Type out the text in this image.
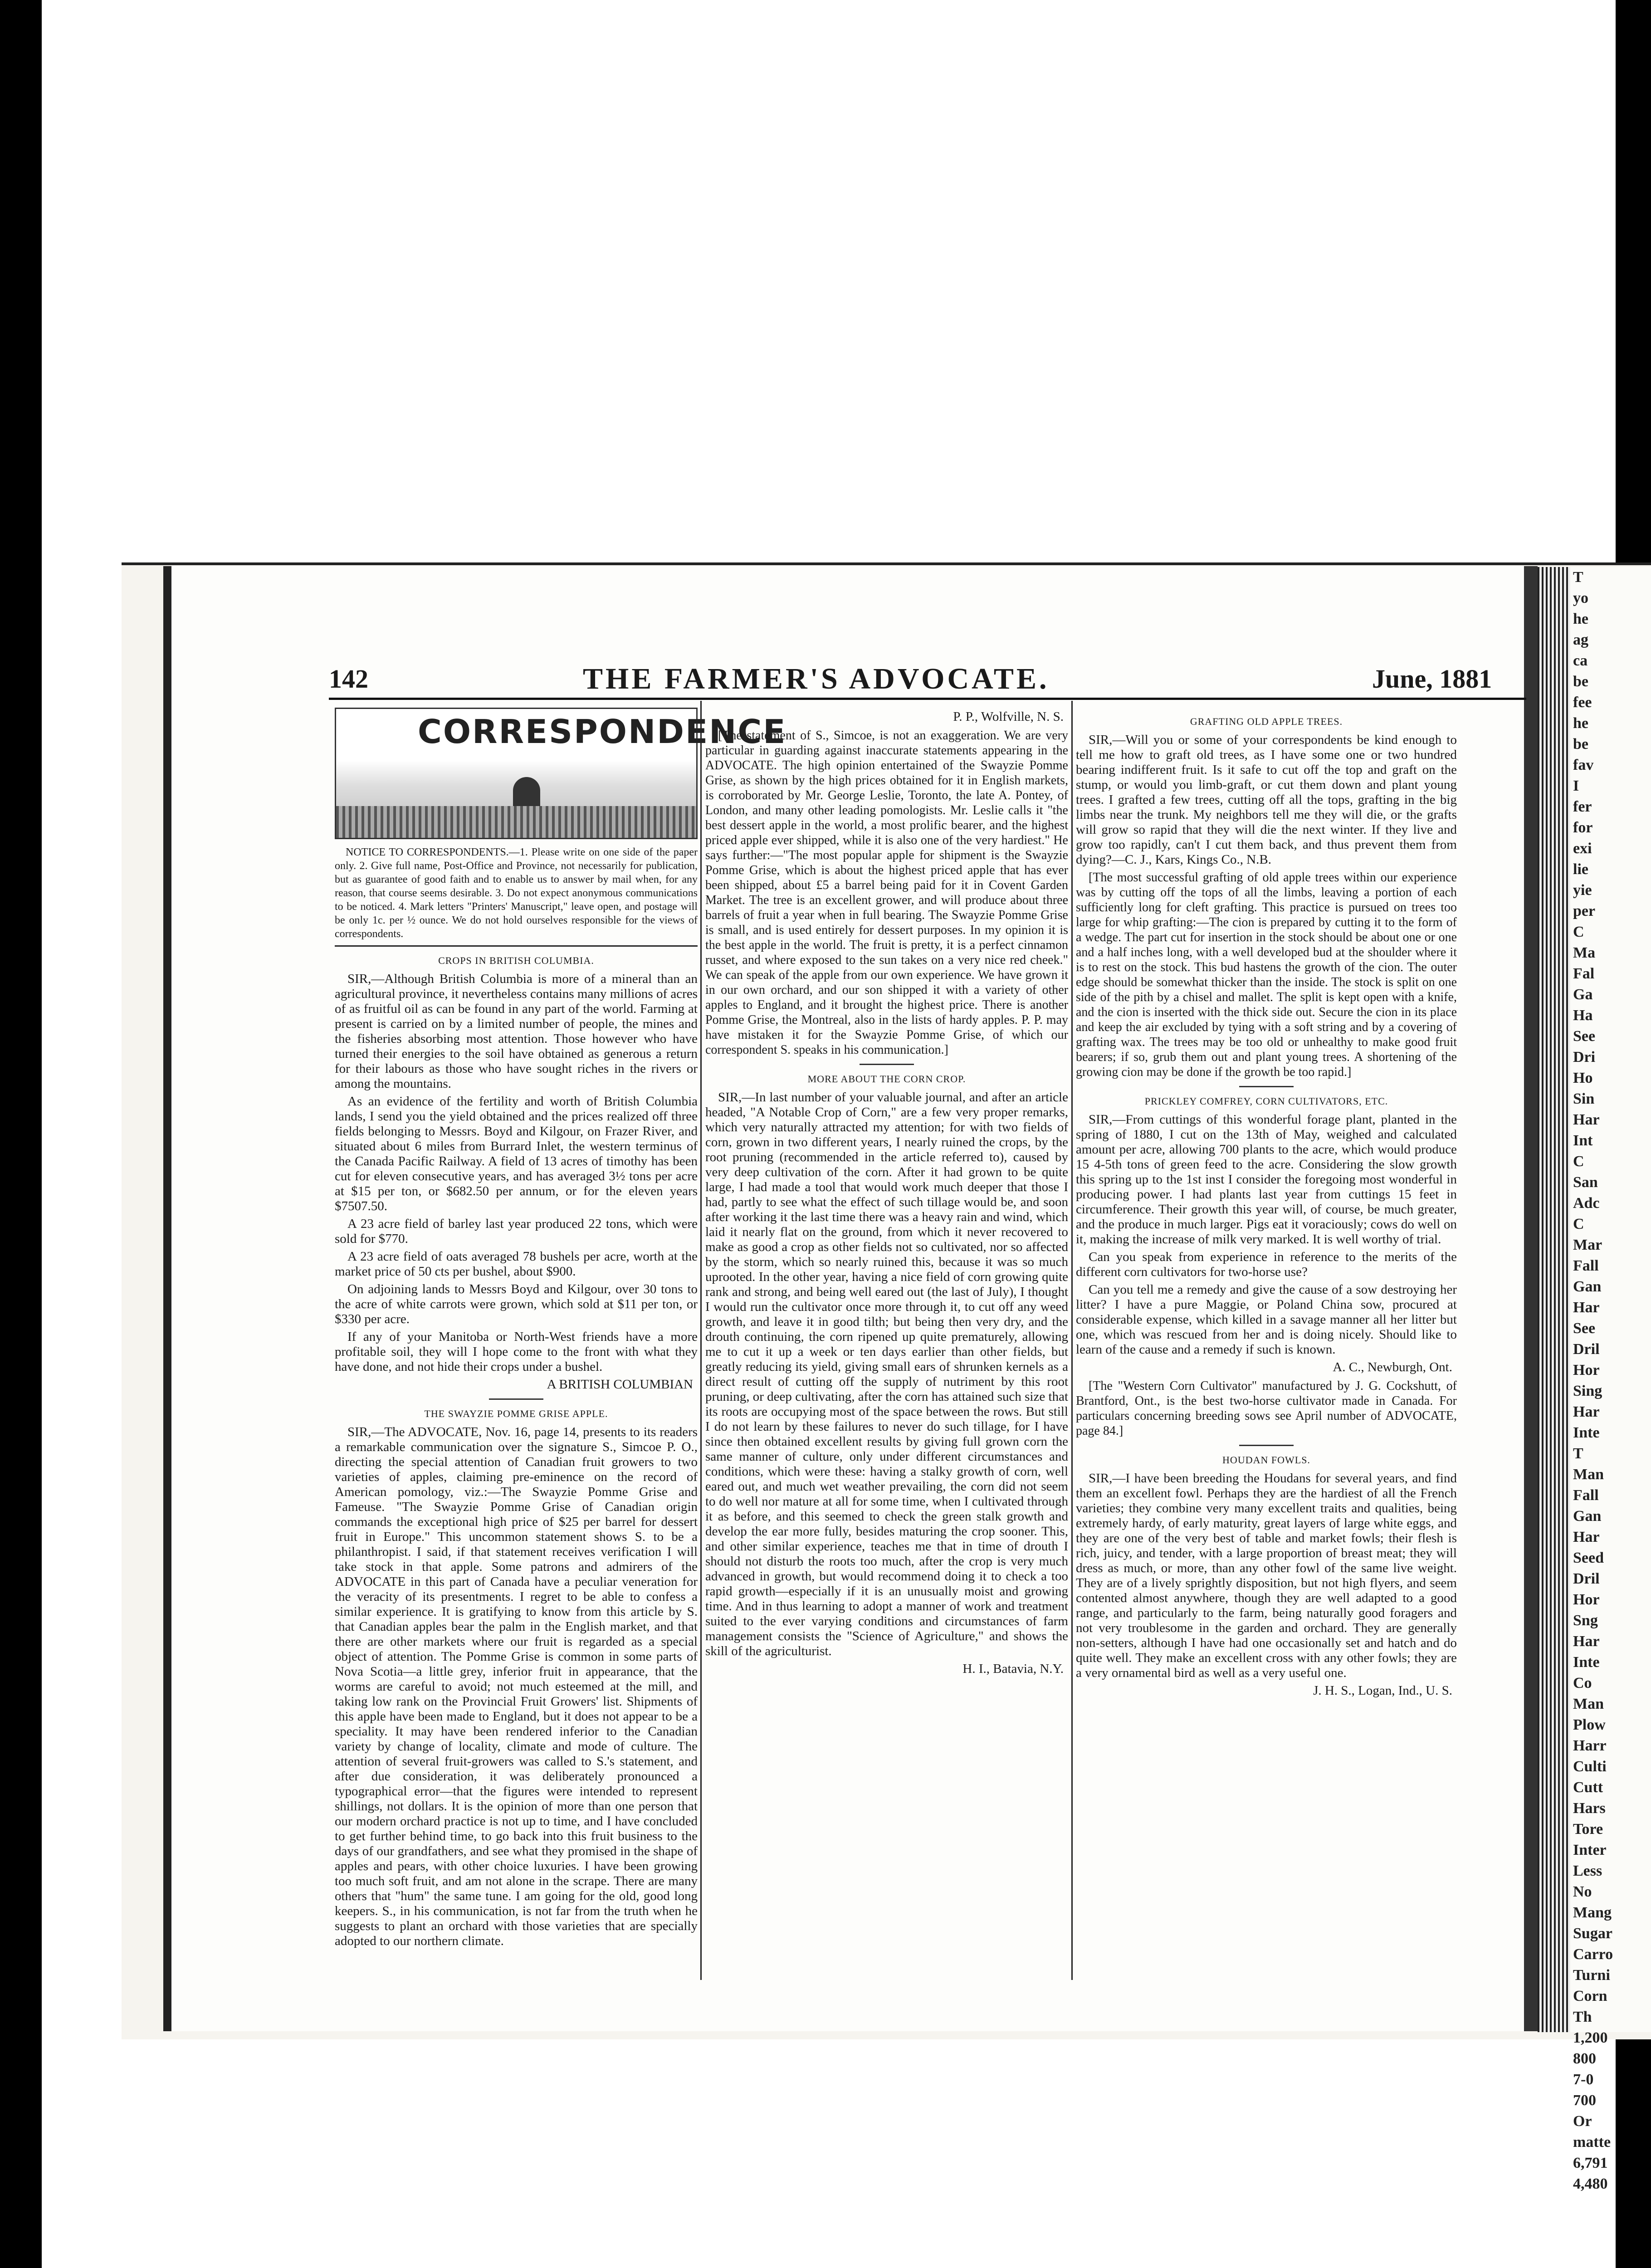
T
yo
he
ag
ca
be
fee
he
be
fav
I
fer
for
exi
lie
yie
per
C
Ma
Fal
Ga
Ha
See
Dri
Ho
Sin
Har
Int
C
San
Adc
C
Mar
Fall
Gan
Har
See
Dril
Hor
Sing
Har
Inte
T
Man
Fall
Gan
Har
Seed
Dril
Hor
Sng
Har
Inte
Co
Man
Plow
Harr
Culti
Cutt
Hars
Tore
Inter
Less
No
Mang
Sugar
Carro
Turni
Corn
Th
1,200
800
7-0
700
Or
matte
6,791
4,480
142	THE FARMER'S ADVOCATE.	June, 1881
CORRESPONDENCE
NOTICE TO CORRESPONDENTS.—1. Please write on one side of the paper only. 2. Give full name, Post-Office and Province, not necessarily for publication, but as guarantee of good faith and to enable us to answer by mail when, for any reason, that course seems desirable. 3. Do not expect anonymous communications to be noticed. 4. Mark letters "Printers' Manuscript," leave open, and postage will be only 1c. per ½ ounce. We do not hold ourselves responsible for the views of correspondents.
CROPS IN BRITISH COLUMBIA.

SIR,—Although British Columbia is more of a mineral than an agricultural province, it nevertheless contains many millions of acres of as fruitful oil as can be found in any part of the world. Farming at present is carried on by a limited number of people, the mines and the fisheries absorbing most attention. Those however who have turned their energies to the soil have obtained as generous a return for their labours as those who have sought riches in the rivers or among the mountains.

As an evidence of the fertility and worth of British Columbia lands, I send you the yield obtained and the prices realized off three fields belonging to Messrs. Boyd and Kilgour, on Frazer River, and situated about 6 miles from Burrard Inlet, the western terminus of the Canada Pacific Railway. A field of 13 acres of timothy has been cut for eleven consecutive years, and has averaged 3½ tons per acre at $15 per ton, or $682.50 per annum, or for the eleven years $7507.50.

A 23 acre field of barley last year produced 22 tons, which were sold for $770.

A 23 acre field of oats averaged 78 bushels per acre, worth at the market price of 50 cts per bushel, about $900.

On adjoining lands to Messrs Boyd and Kilgour, over 30 tons to the acre of white carrots were grown, which sold at $11 per ton, or $330 per acre.

If any of your Manitoba or North-West friends have a more profitable soil, they will I hope come to the front with what they have done, and not hide their crops under a bushel.

A BRITISH COLUMBIAN
THE SWAYZIE POMME GRISE APPLE.

SIR,—The ADVOCATE, Nov. 16, page 14, presents to its readers a remarkable communication over the signature S., Simcoe P. O., directing the special attention of Canadian fruit growers to two varieties of apples, claiming pre-eminence on the record of American pomology, viz.:—The Swayzie Pomme Grise and Fameuse. "The Swayzie Pomme Grise of Canadian origin commands the exceptional high price of $25 per barrel for dessert fruit in Europe." This uncommon statement shows S. to be a philanthropist. I said, if that statement receives verification I will take stock in that apple. Some patrons and admirers of the ADVOCATE in this part of Canada have a peculiar veneration for the veracity of its presentments. I regret to be able to confess a similar experience. It is gratifying to know from this article by S. that Canadian apples bear the palm in the English market, and that there are other markets where our fruit is regarded as a special object of attention. The Pomme Grise is common in some parts of Nova Scotia—a little grey, inferior fruit in appearance, that the worms are careful to avoid; not much esteemed at the mill, and taking low rank on the Provincial Fruit Growers' list. Shipments of this apple have been made to England, but it does not appear to be a speciality. It may have been rendered inferior to the Canadian variety by change of locality, climate and mode of culture. The attention of several fruit-growers was called to S.'s statement, and after due consideration, it was deliberately pronounced a typographical error—that the figures were intended to represent shillings, not dollars. It is the opinion of more than one person that our modern orchard practice is not up to time, and I have concluded to get further behind time, to go back into this fruit business to the days of our grandfathers, and see what they promised in the shape of apples and pears, with other choice luxuries. I have been growing too much soft fruit, and am not alone in the scrape. There are many others that "hum" the same tune. I am going for the old, good long keepers. S., in his communication, is not far from the truth when he suggests to plant an orchard with those varieties that are specially adopted to our northern climate.

P. P., Wolfville, N. S.

[The statement of S., Simcoe, is not an exaggeration. We are very particular in guarding against inaccurate statements appearing in the ADVOCATE. The high opinion entertained of the Swayzie Pomme Grise, as shown by the high prices obtained for it in English markets, is corroborated by Mr. George Leslie, Toronto, the late A. Pontey, of London, and many other leading pomologists. Mr. Leslie calls it "the best dessert apple in the world, a most prolific bearer, and the highest priced apple ever shipped, while it is also one of the very hardiest." He says further:—"The most popular apple for shipment is the Swayzie Pomme Grise, which is about the highest priced apple that has ever been shipped, about £5 a barrel being paid for it in Covent Garden Market. The tree is an excellent grower, and will produce about three barrels of fruit a year when in full bearing. The Swayzie Pomme Grise is small, and is used entirely for dessert purposes. In my opinion it is the best apple in the world. The fruit is pretty, it is a perfect cinnamon russet, and where exposed to the sun takes on a very nice red cheek." We can speak of the apple from our own experience. We have grown it in our own orchard, and our son shipped it with a variety of other apples to England, and it brought the highest price. There is another Pomme Grise, the Montreal, also in the lists of hardy apples. P. P. may have mistaken it for the Swayzie Pomme Grise, of which our correspondent S. speaks in his communication.]

MORE ABOUT THE CORN CROP.

SIR,—In last number of your valuable journal, and after an article headed, "A Notable Crop of Corn," are a few very proper remarks, which very naturally attracted my attention; for with two fields of corn, grown in two different years, I nearly ruined the crops, by the root pruning (recommended in the article referred to), caused by very deep cultivation of the corn. After it had grown to be quite large, I had made a tool that would work much deeper that those I had, partly to see what the effect of such tillage would be, and soon after working it the last time there was a heavy rain and wind, which laid it nearly flat on the ground, from which it never recovered to make as good a crop as other fields not so cultivated, nor so affected by the storm, which so nearly ruined this, because it was so much uprooted. In the other year, having a nice field of corn growing quite rank and strong, and being well eared out (the last of July), I thought I would run the cultivator once more through it, to cut off any weed growth, and leave it in good tilth; but being then very dry, and the drouth continuing, the corn ripened up quite prematurely, allowing me to cut it up a week or ten days earlier than other fields, but greatly reducing its yield, giving small ears of shrunken kernels as a direct result of cutting off the supply of nutriment by this root pruning, or deep cultivating, after the corn has attained such size that its roots are occupying most of the space between the rows. But still I do not learn by these failures to never do such tillage, for I have since then obtained excellent results by giving full grown corn the same manner of culture, only under different circumstances and conditions, which were these: having a stalky growth of corn, well eared out, and much wet weather prevailing, the corn did not seem to do well nor mature at all for some time, when I cultivated through it as before, and this seemed to check the green stalk growth and develop the ear more fully, besides maturing the crop sooner. This, and other similar experience, teaches me that in time of drouth I should not disturb the roots too much, after the crop is very much advanced in growth, but would recommend doing it to check a too rapid growth—especially if it is an unusually moist and growing time. And in thus learning to adopt a manner of work and treatment suited to the ever varying conditions and circumstances of farm management consists the "Science of Agriculture," and shows the skill of the agriculturist.

H. I., Batavia, N.Y.
GRAFTING OLD APPLE TREES.

SIR,—Will you or some of your correspondents be kind enough to tell me how to graft old trees, as I have some one or two hundred bearing indifferent fruit. Is it safe to cut off the top and graft on the stump, or would you limb-graft, or cut them down and plant young trees. I grafted a few trees, cutting off all the tops, grafting in the big limbs near the trunk. My neighbors tell me they will die, or the grafts will grow so rapid that they will die the next winter. If they live and grow too rapidly, can't I cut them back, and thus prevent them from dying?—C. J., Kars, Kings Co., N.B.

[The most successful grafting of old apple trees within our experience was by cutting off the tops of all the limbs, leaving a portion of each sufficiently long for cleft grafting. This practice is pursued on trees too large for whip grafting:—The cion is prepared by cutting it to the form of a wedge. The part cut for insertion in the stock should be about one or one and a half inches long, with a well developed bud at the shoulder where it is to rest on the stock. This bud hastens the growth of the cion. The outer edge should be somewhat thicker than the inside. The stock is split on one side of the pith by a chisel and mallet. The split is kept open with a knife, and the cion is inserted with the thick side out. Secure the cion in its place and keep the air excluded by tying with a soft string and by a covering of grafting wax. The trees may be too old or unhealthy to make good fruit bearers; if so, grub them out and plant young trees. A shortening of the growing cion may be done if the growth be too rapid.]

PRICKLEY COMFREY, CORN CULTIVATORS, ETC.

SIR,—From cuttings of this wonderful forage plant, planted in the spring of 1880, I cut on the 13th of May, weighed and calculated amount per acre, allowing 700 plants to the acre, which would produce 15 4-5th tons of green feed to the acre. Considering the slow growth this spring up to the 1st inst I consider the foregoing most wonderful in producing power. I had plants last year from cuttings 15 feet in circumference. Their growth this year will, of course, be much greater, and the produce in much larger. Pigs eat it voraciously; cows do well on it, making the increase of milk very marked. It is well worthy of trial.

Can you speak from experience in reference to the merits of the different corn cultivators for two-horse use?

Can you tell me a remedy and give the cause of a sow destroying her litter? I have a pure Maggie, or Poland China sow, procured at considerable expense, which killed in a savage manner all her litter but one, which was rescued from her and is doing nicely. Should like to learn of the cause and a remedy if such is known.

A. C., Newburgh, Ont.

[The "Western Corn Cultivator" manufactured by J. G. Cockshutt, of Brantford, Ont., is the best two-horse cultivator made in Canada. For particulars concerning breeding sows see April number of ADVOCATE, page 84.]

HOUDAN FOWLS.

SIR,—I have been breeding the Houdans for several years, and find them an excellent fowl. Perhaps they are the hardiest of all the French varieties; they combine very many excellent traits and qualities, being extremely hardy, of early maturity, great layers of large white eggs, and they are one of the very best of table and market fowls; their flesh is rich, juicy, and tender, with a large proportion of breast meat; they will dress as much, or more, than any other fowl of the same live weight. They are of a lively sprightly disposition, but not high flyers, and seem contented almost anywhere, though they are well adapted to a good range, and particularly to the farm, being naturally good foragers and not very troublesome in the garden and orchard. They are generally non-setters, although I have had one occasionally set and hatch and do quite well. They make an excellent cross with any other fowls; they are a very ornamental bird as well as a very useful one.

J. H. S., Logan, Ind., U. S.
